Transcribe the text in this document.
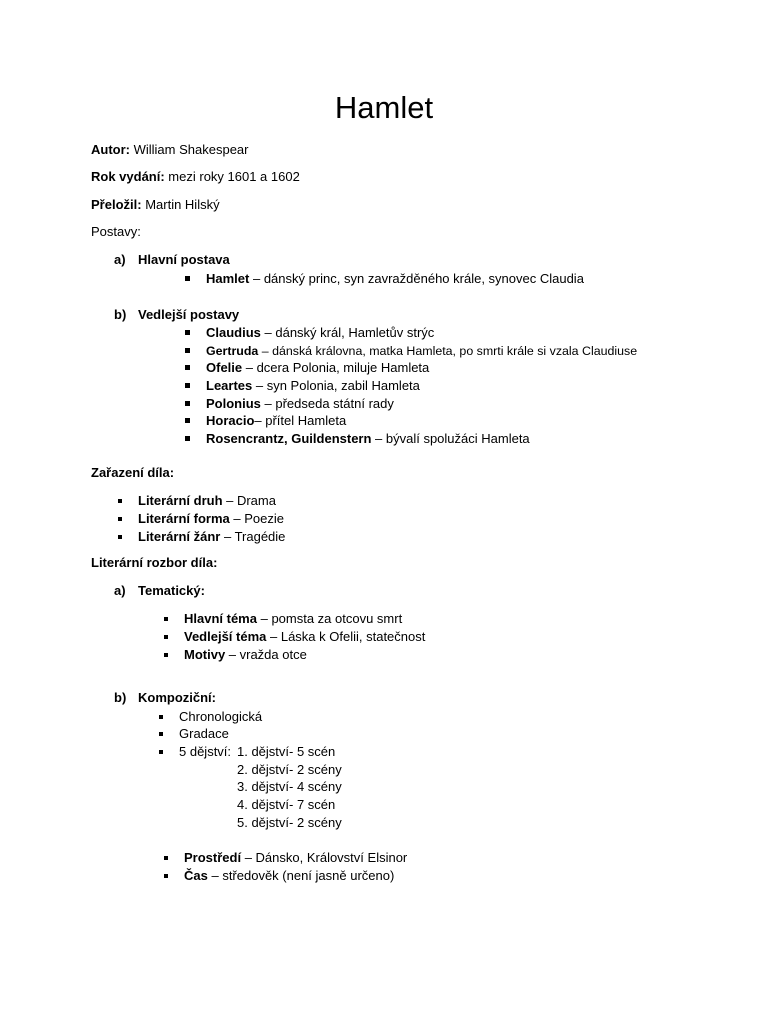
Hamlet
Autor: William Shakespear
Rok vydání: mezi roky 1601 a 1602
Přeložil: Martin Hilský
Postavy:
a) Hlavní postava
Hamlet – dánský princ, syn zavražděného krále, synovec Claudia
b) Vedlejší postavy
Claudius – dánský král, Hamletův strýc
Gertruda – dánská královna, matka Hamleta, po smrti krále si vzala Claudiuse
Ofelie – dcera Polonia, miluje Hamleta
Leartes – syn Polonia, zabil Hamleta
Polonius – předseda státní rady
Horacio– přítel Hamleta
Rosencrantz, Guildenstern – bývalí spolužáci Hamleta
Zařazení díla:
Literární druh – Drama
Literární forma – Poezie
Literární žánr – Tragédie
Literární rozbor díla:
a) Tematický:
Hlavní téma – pomsta za otcovu smrt
Vedlejší téma – Láska k Ofelii, statečnost
Motivy – vražda otce
b) Kompoziční:
Chronologická
Gradace
5 dějství: 1. dějství- 5 scén
2. dějství- 2 scény
3. dějství- 4 scény
4. dějství- 7 scén
5. dějství- 2 scény
Prostředí – Dánsko, Království Elsinor
Čas – středověk (není jasně určeno)
